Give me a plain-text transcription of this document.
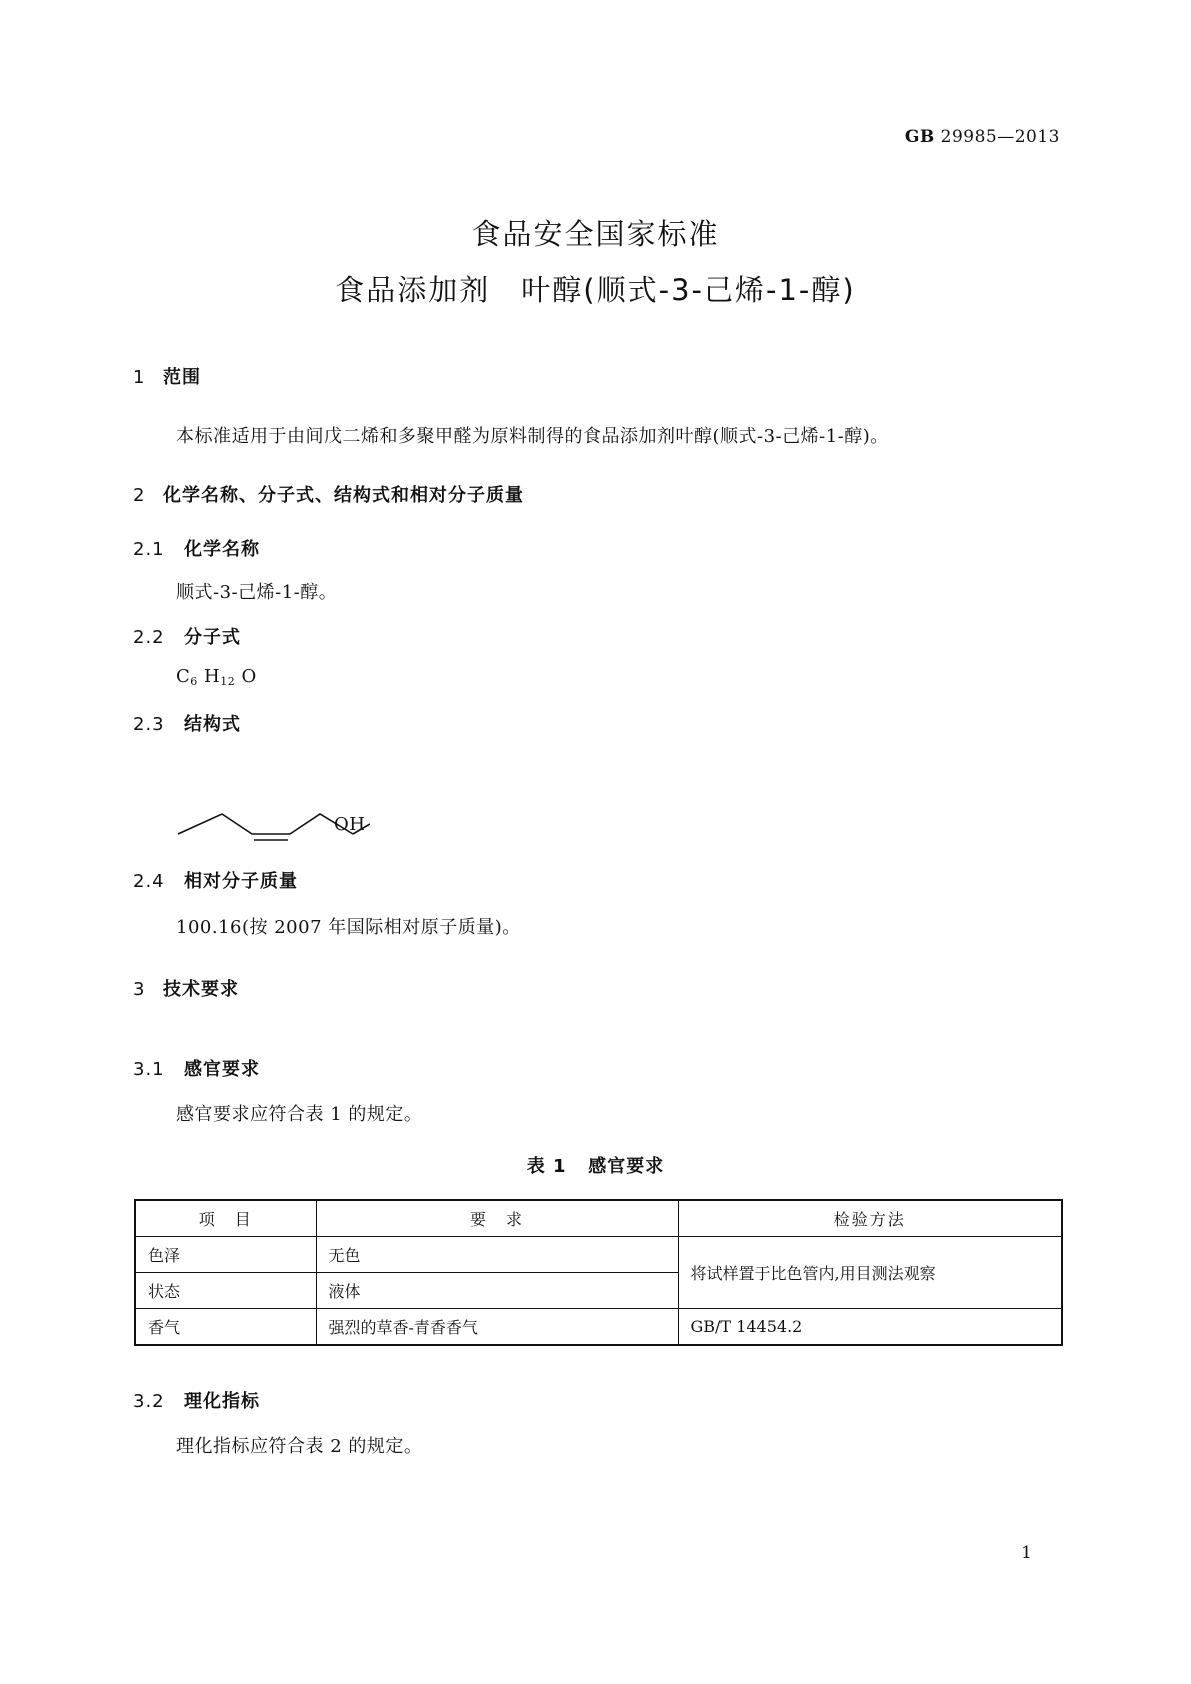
GB 29985—2013
食品安全国家标准
食品添加剂　叶醇(顺式-3-己烯-1-醇)
1 范围
本标准适用于由间戊二烯和多聚甲醛为原料制得的食品添加剂叶醇(顺式-3-己烯-1-醇)。
2 化学名称、分子式、结构式和相对分子质量
2.1 化学名称
顺式-3-己烯-1-醇。
2.2 分子式
$C_6$ $H_{12}$ O
2.3 结构式
OH
2.4 相对分子质量
100.16(按 2007 年国际相对原子质量)。
3 技术要求
3.1 感官要求
感官要求应符合表 1 的规定。
表 1 感官要求
项　目	要　求	检验方法
色泽	无色	将试样置于比色管内,用目测法观察
状态	液体	
香气	强烈的草香-青香香气	GB/T 14454.2
3.2 理化指标
理化指标应符合表 2 的规定。
1
